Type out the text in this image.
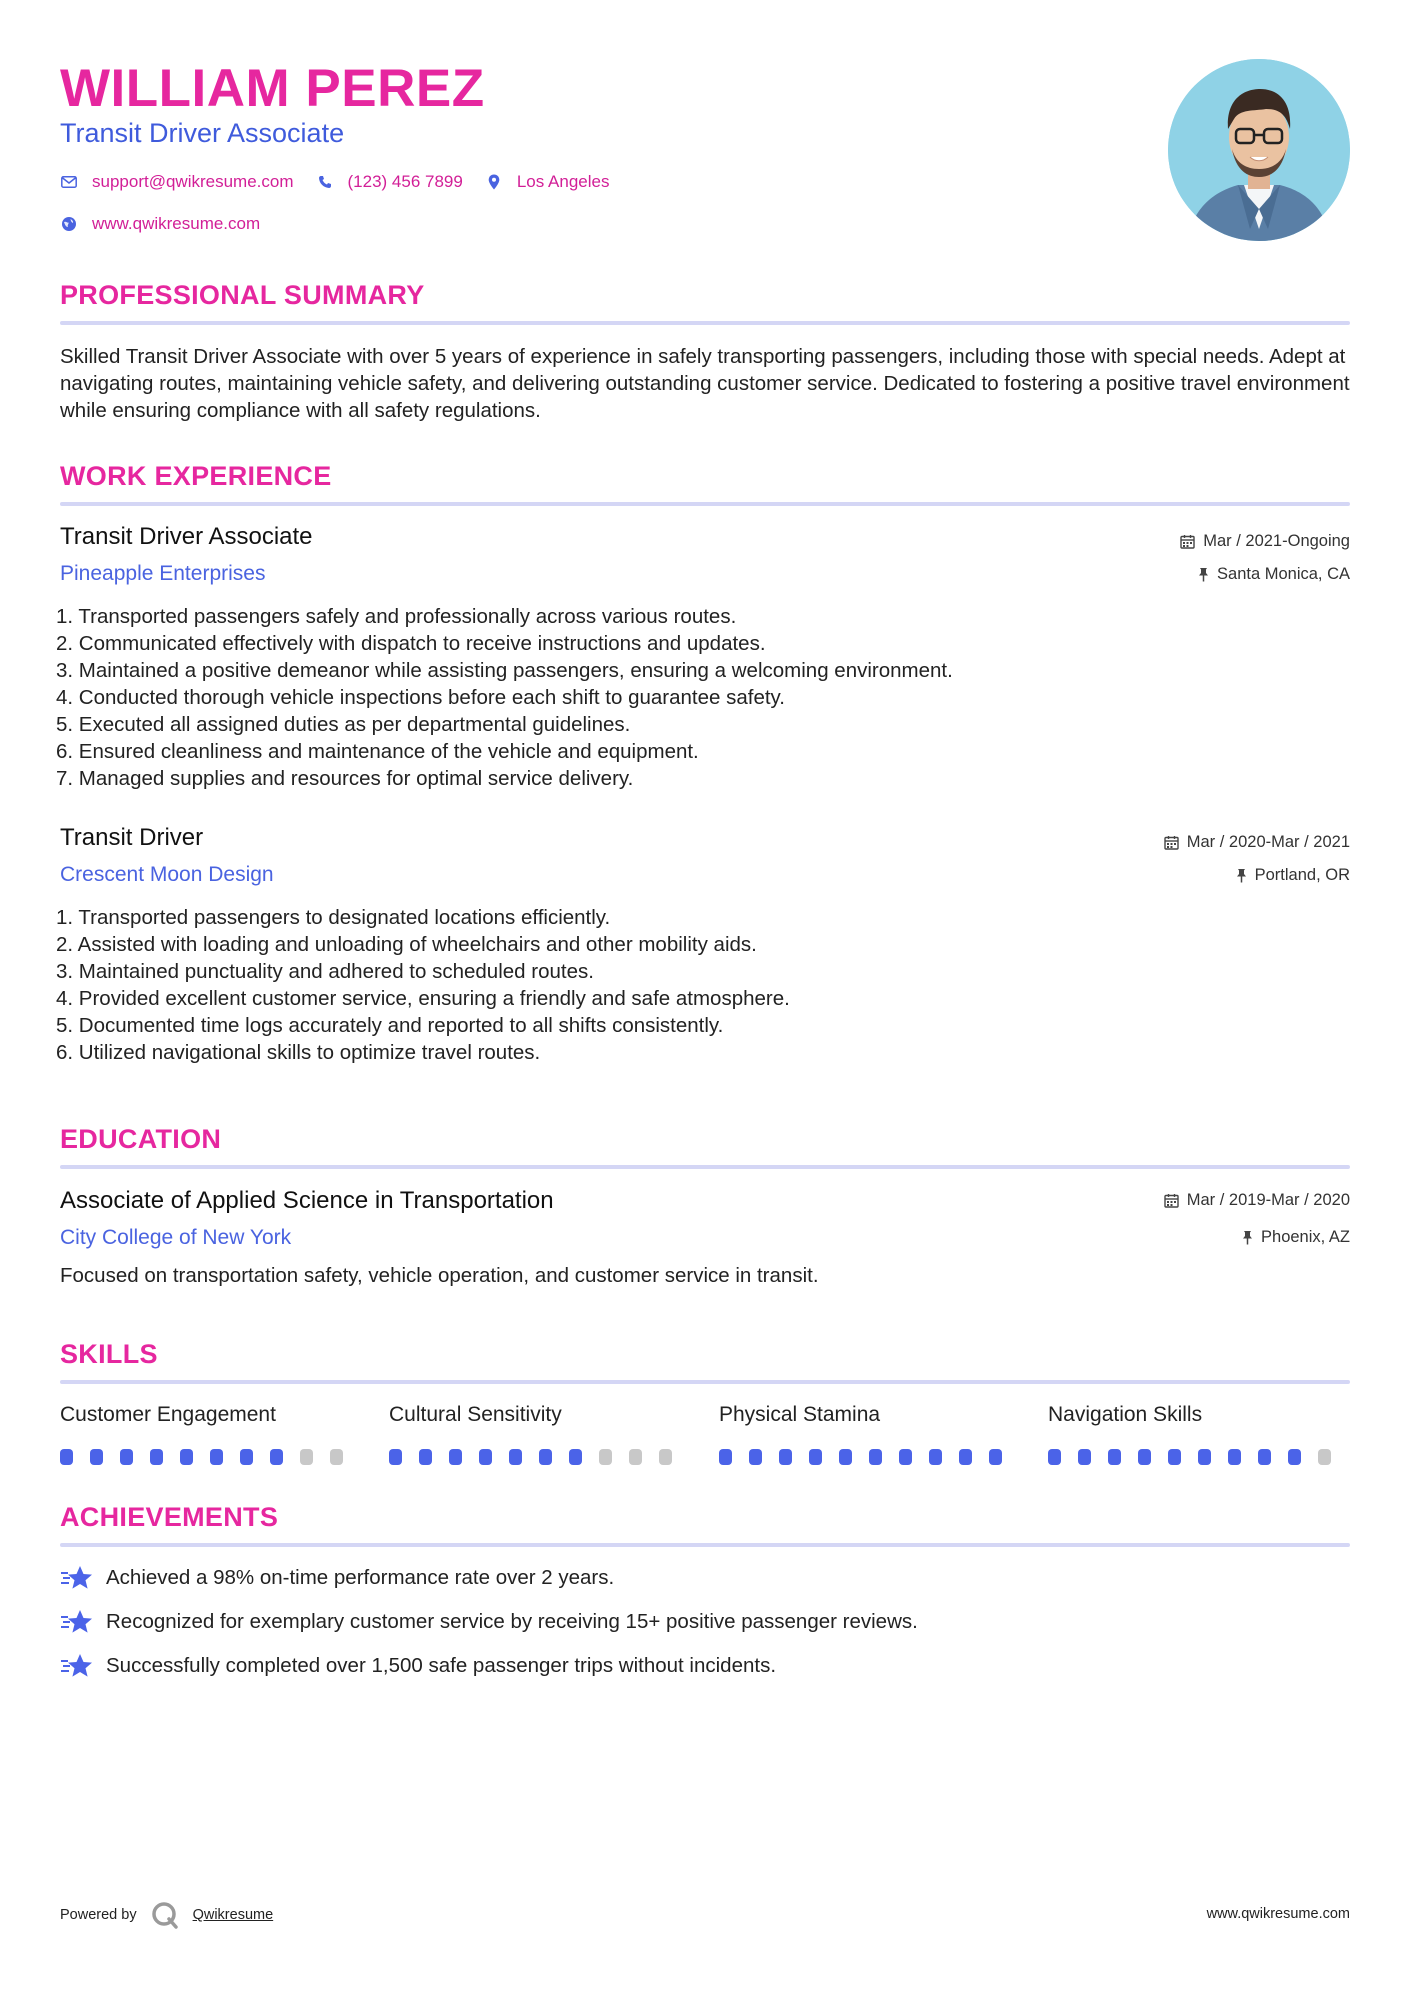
WILLIAM PEREZ
Transit Driver Associate
support@qwikresume.com	(123) 456 7899	Los Angeles
www.qwikresume.com
PROFESSIONAL SUMMARY
Skilled Transit Driver Associate with over 5 years of experience in safely transporting passengers, including those with special needs. Adept at navigating routes, maintaining vehicle safety, and delivering outstanding customer service. Dedicated to fostering a positive travel environment while ensuring compliance with all safety regulations.
WORK EXPERIENCE
Transit Driver Associate
Pineapple Enterprises
Mar / 2021-Ongoing
Santa Monica, CA
1. Transported passengers safely and professionally across various routes.
2. Communicated effectively with dispatch to receive instructions and updates.
3. Maintained a positive demeanor while assisting passengers, ensuring a welcoming environment.
4. Conducted thorough vehicle inspections before each shift to guarantee safety.
5. Executed all assigned duties as per departmental guidelines.
6. Ensured cleanliness and maintenance of the vehicle and equipment.
7. Managed supplies and resources for optimal service delivery.
Transit Driver
Crescent Moon Design
Mar / 2020-Mar / 2021
Portland, OR
1. Transported passengers to designated locations efficiently.
2. Assisted with loading and unloading of wheelchairs and other mobility aids.
3. Maintained punctuality and adhered to scheduled routes.
4. Provided excellent customer service, ensuring a friendly and safe atmosphere.
5. Documented time logs accurately and reported to all shifts consistently.
6. Utilized navigational skills to optimize travel routes.
EDUCATION
Associate of Applied Science in Transportation
City College of New York
Mar / 2019-Mar / 2020
Phoenix, AZ
Focused on transportation safety, vehicle operation, and customer service in transit.
SKILLS
Customer Engagement	Cultural Sensitivity	Physical Stamina	Navigation Skills
ACHIEVEMENTS
Achieved a 98% on-time performance rate over 2 years.
Recognized for exemplary customer service by receiving 15+ positive passenger reviews.
Successfully completed over 1,500 safe passenger trips without incidents.
Powered by	Qwikresume	www.qwikresume.com
